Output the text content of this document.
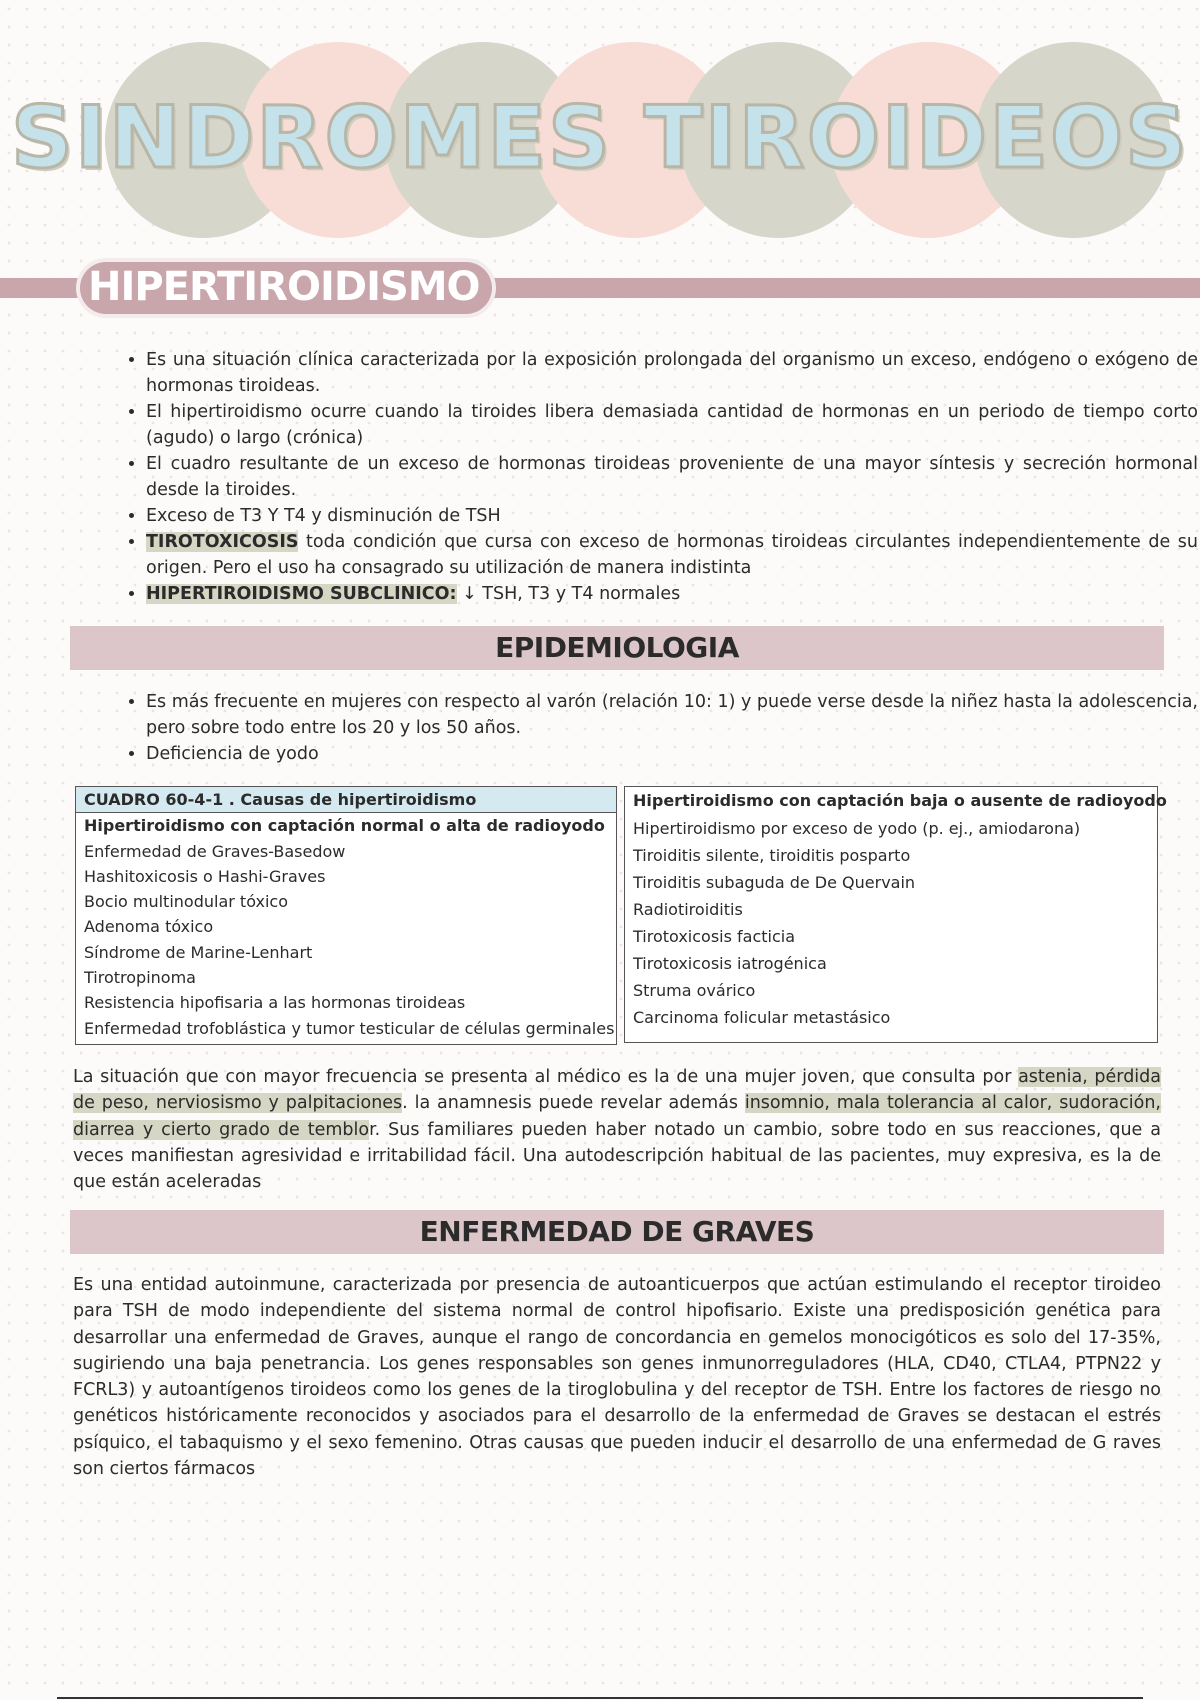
SINDROMES TIROIDEOS
HIPERTIROIDISMO
• Es una situación clínica caracterizada por la exposición prolongada del organismo un exceso, endógeno o exógeno de hormonas tiroideas.
• El hipertiroidismo ocurre cuando la tiroides libera demasiada cantidad de hormonas en un periodo de tiempo corto (agudo) o largo (crónica)
• El cuadro resultante de un exceso de hormonas tiroideas proveniente de una mayor síntesis y secreción hormonal desde la tiroides.
• Exceso de T3 Y T4 y disminución de TSH
• TIROTOXICOSIS toda condición que cursa con exceso de hormonas tiroideas circulantes independientemente de su origen. Pero el uso ha consagrado su utilización de manera indistinta
• HIPERTIROIDISMO SUBCLINICO: ↓ TSH, T3 y T4 normales
EPIDEMIOLOGIA
• Es más frecuente en mujeres con respecto al varón (relación 10: 1) y puede verse desde la niñez hasta la adolescencia, pero sobre todo entre los 20 y los 50 años.
• Deficiencia de yodo
CUADRO 60-4-1 . Causas de hipertiroidismo
Hipertiroidismo con captación normal o alta de radioyodo
Enfermedad de Graves-Basedow
Hashitoxicosis o Hashi-Graves
Bocio multinodular tóxico
Adenoma tóxico
Síndrome de Marine-Lenhart
Tirotropinoma
Resistencia hipofisaria a las hormonas tiroideas
Enfermedad trofoblástica y tumor testicular de células germinales
Hipertiroidismo con captación baja o ausente de radioyodo
Hipertiroidismo por exceso de yodo (p. ej., amiodarona)
Tiroiditis silente, tiroiditis posparto
Tiroiditis subaguda de De Quervain
Radiotiroiditis
Tirotoxicosis facticia
Tirotoxicosis iatrogénica
Struma ovárico
Carcinoma folicular metastásico

La situación que con mayor frecuencia se presenta al médico es la de una mujer joven, que consulta por astenia, pérdida de peso, nerviosismo y palpitaciones. la anamnesis puede revelar además insomnio, mala tolerancia al calor, sudoración, diarrea y cierto grado de temblor. Sus familiares pueden haber notado un cambio, sobre todo en sus reacciones, que a veces manifiestan agresividad e irritabilidad fácil. Una autodescripción habitual de las pacientes, muy expresiva, es la de que están aceleradas

ENFERMEDAD DE GRAVES

Es una entidad autoinmune, caracterizada por presencia de autoanticuerpos que actúan estimulando el receptor tiroideo para TSH de modo independiente del sistema normal de control hipofisario. Existe una predisposición genética para desarrollar una enfermedad de Graves, aunque el rango de concordancia en gemelos monocigóticos es solo del 17-35%, sugiriendo una baja penetrancia. Los genes responsables son genes inmunorreguladores (HLA, CD40, CTLA4, PTPN22 y FCRL3) y autoantígenos tiroideos como los genes de la tiroglobulina y del receptor de TSH. Entre los factores de riesgo no genéticos históricamente reconocidos y asociados para el desarrollo de la enfermedad de Graves se destacan el estrés psíquico, el tabaquismo y el sexo femenino. Otras causas que pueden inducir el desarrollo de una enfermedad de G raves son ciertos fármacos
